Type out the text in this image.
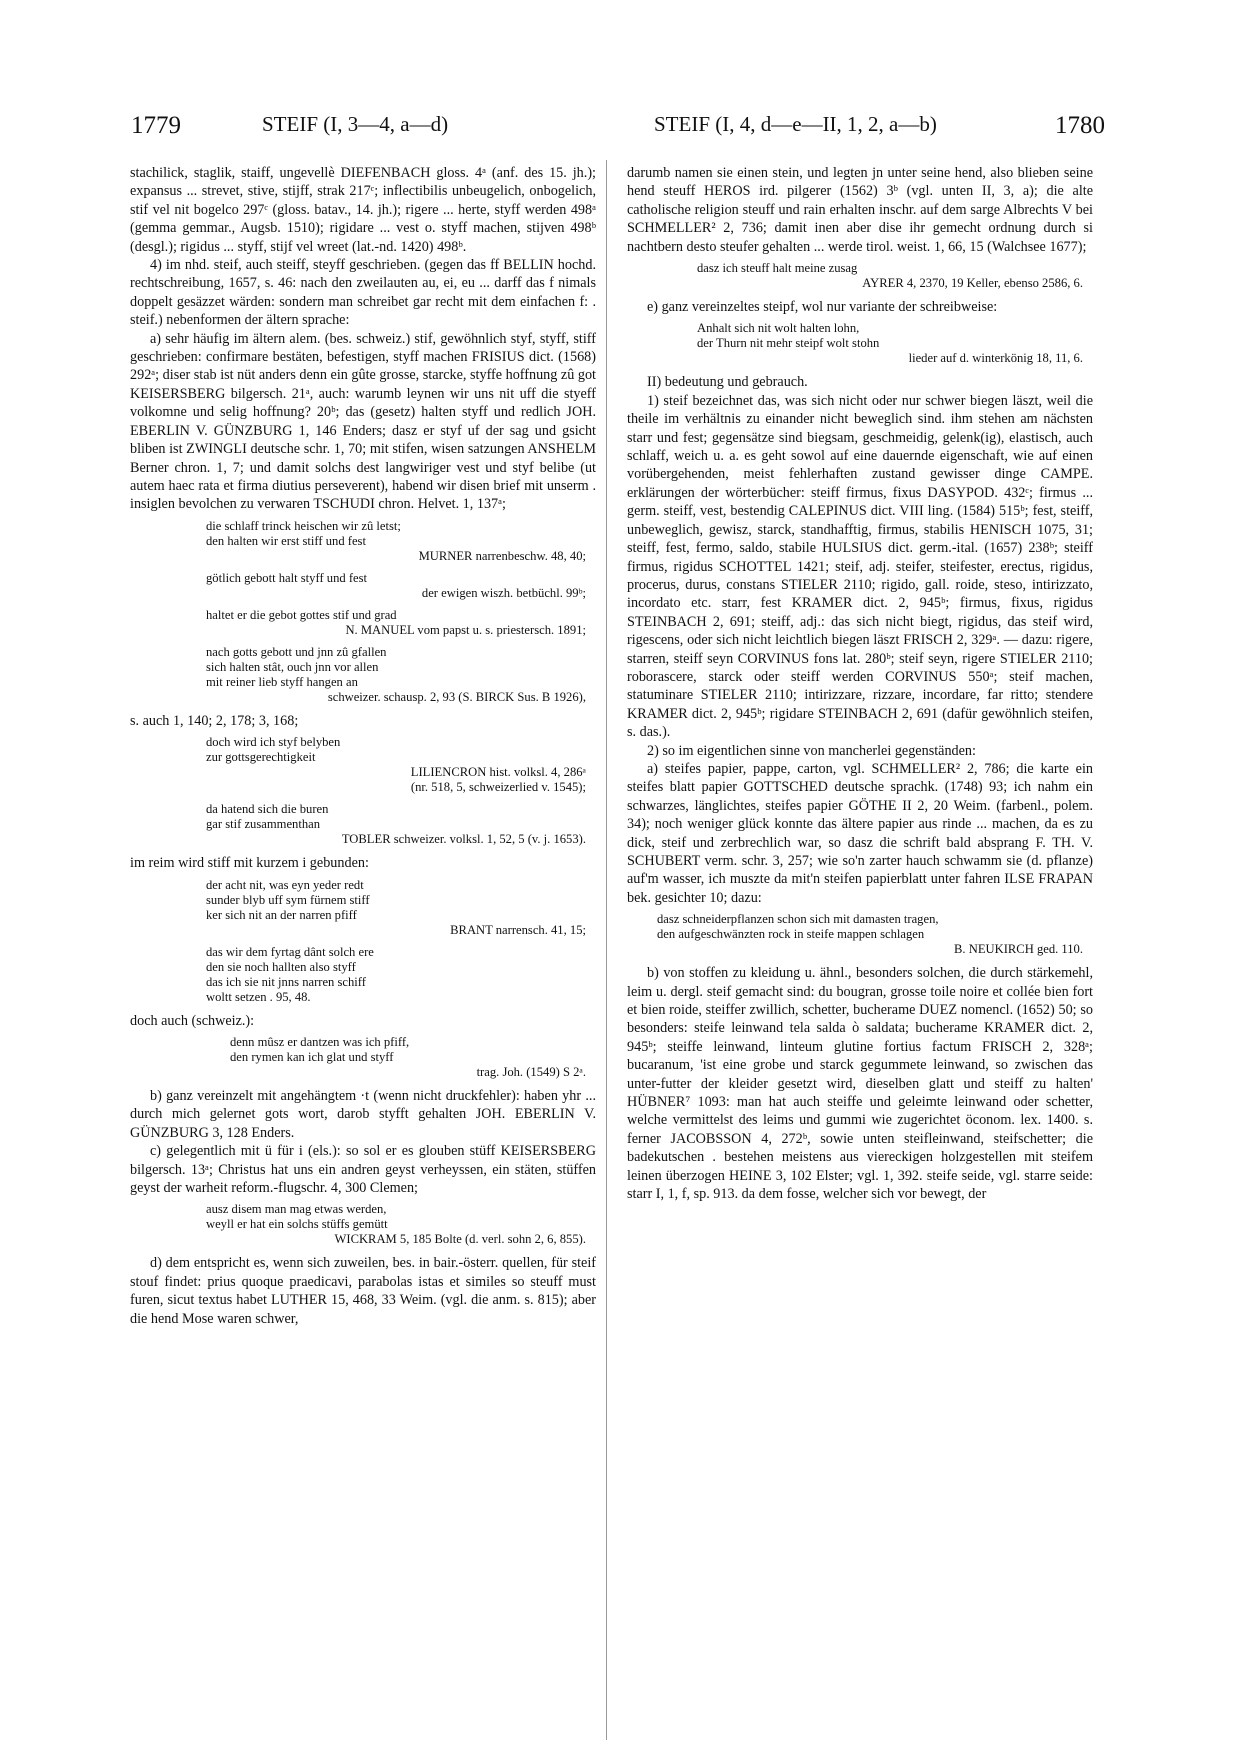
1779	STEIF (I, 3—4, a—d)	STEIF (I, 4, d—e—II, 1, 2, a—b)	1780

stachilick, staglik, staiff, ungevellè DIEFENBACH gloss. 4ᵃ (anf. des 15. jh.); expansus ... strevet, stive, stijff, strak 217ᶜ; inflectibilis unbeugelich, onbogelich, stif vel nit bogelco 297ᶜ (gloss. batav., 14. jh.); rigere ... herte, styff werden 498ᵃ (gemma gemmar., Augsb. 1510); rigidare ... vest o. styff machen, stijven 498ᵇ (desgl.); rigidus ... styff, stijf vel wreet (lat.-nd. 1420) 498ᵇ.

4) im nhd. steif, auch steiff, steyff geschrieben. (gegen das ff BELLIN hochd. rechtschreibung, 1657, s. 46: nach den zweilauten au, ei, eu ... darff das f nimals doppelt gesäzzet wärden: sondern man schreibet gar recht mit dem einfachen f: . steif.) nebenformen der ältern sprache:

a) sehr häufig im ältern alem. (bes. schweiz.) stif, gewöhnlich styf, styff, stiff geschrieben: confirmare bestäten, befestigen, styff machen FRISIUS dict. (1568) 292ᵃ; diser stab ist nüt anders denn ein gûte grosse, starcke, styffe hoffnung zû got KEISERSBERG bilgersch. 21ᵃ, auch: warumb leynen wir uns nit uff die styeff volkomne und selig hoffnung? 20ᵇ; das (gesetz) halten styff und redlich JOH. EBERLIN V. GÜNZBURG 1, 146 Enders; dasz er styf uf der sag und gsicht bliben ist ZWINGLI deutsche schr. 1, 70; mit stifen, wisen satzungen ANSHELM Berner chron. 1, 7; und damit solchs dest langwiriger vest und styf belibe (ut autem haec rata et firma diutius perseverent), habend wir disen brief mit unserm . insiglen bevolchen zu verwaren TSCHUDI chron. Helvet. 1, 137ᵃ;

die schlaff trinck heischen wir zû letst;
den halten wir erst stiff und fest
MURNER narrenbeschw. 48, 40;
götlich gebott halt styff und fest
der ewigen wiszh. betbüchl. 99ᵇ;
haltet er die gebot gottes stif und grad
N. MANUEL vom papst u. s. priestersch. 1891;
nach gotts gebott und jnn zû gfallen
sich halten stât, ouch jnn vor allen
mit reiner lieb styff hangen an
schweizer. schausp. 2, 93 (S. BIRCK Sus. B 1926),

s. auch 1, 140; 2, 178; 3, 168;

doch wird ich styf belyben
zur gottsgerechtigkeit
LILIENCRON hist. volksl. 4, 286ᵃ
(nr. 518, 5, schweizerlied v. 1545);
da hatend sich die buren
gar stif zusammenthan
TOBLER schweizer. volksl. 1, 52, 5 (v. j. 1653).

im reim wird stiff mit kurzem i gebunden:

der acht nit, was eyn yeder redt
sunder blyb uff sym fürnem stiff
ker sich nit an der narren pfiff
BRANT narrensch. 41, 15;
das wir dem fyrtag dânt solch ere
den sie noch hallten also styff
das ich sie nit jnns narren schiff
woltt setzen . 95, 48.

doch auch (schweiz.):

denn mûsz er dantzen was ich pfiff,
den rymen kan ich glat und styff
trag. Joh. (1549) S 2ᵃ.

b) ganz vereinzelt mit angehängtem ·t (wenn nicht druckfehler): haben yhr ... durch mich gelernet gots wort, darob styfft gehalten JOH. EBERLIN V. GÜNZBURG 3, 128 Enders.

c) gelegentlich mit ü für i (els.): so sol er es glouben stüff KEISERSBERG bilgersch. 13ᵃ; Christus hat uns ein andren geyst verheyssen, ein stäten, stüffen geyst der warheit reform.-flugschr. 4, 300 Clemen;

ausz disem man mag etwas werden,
weyll er hat ein solchs stüffs gemütt
WICKRAM 5, 185 Bolte (d. verl. sohn 2, 6, 855).

d) dem entspricht es, wenn sich zuweilen, bes. in bair.-österr. quellen, für steif stouf findet: prius quoque praedicavi, parabolas istas et similes so steuff must furen, sicut textus habet LUTHER 15, 468, 33 Weim. (vgl. die anm. s. 815); aber die hend Mose waren schwer,

darumb namen sie einen stein, und legten jn unter seine hend, also blieben seine hend steuff HEROS ird. pilgerer (1562) 3ᵇ (vgl. unten II, 3, a); die alte catholische religion steuff und rain erhalten inschr. auf dem sarge Albrechts V bei SCHMELLER² 2, 736; damit inen aber dise ihr gemecht ordnung durch si nachtbern desto steufer gehalten ... werde tirol. weist. 1, 66, 15 (Walchsee 1677);

dasz ich steuff halt meine zusag
AYRER 4, 2370, 19 Keller, ebenso 2586, 6.

e) ganz vereinzeltes steipf, wol nur variante der schreibweise:

Anhalt sich nit wolt halten lohn,
der Thurn nit mehr steipf wolt stohn
lieder auf d. winterkönig 18, 11, 6.

II) bedeutung und gebrauch.

1) steif bezeichnet das, was sich nicht oder nur schwer biegen läszt, weil die theile im verhältnis zu einander nicht beweglich sind. ihm stehen am nächsten starr und fest; gegensätze sind biegsam, geschmeidig, gelenk(ig), elastisch, auch schlaff, weich u. a. es geht sowol auf eine dauernde eigenschaft, wie auf einen vorübergehenden, meist fehlerhaften zustand gewisser dinge CAMPE. erklärungen der wörterbücher: steiff firmus, fixus DASYPOD. 432ᶜ; firmus ... germ. steiff, vest, bestendig CALEPINUS dict. VIII ling. (1584) 515ᵇ; fest, steiff, unbeweglich, gewisz, starck, standhafftig, firmus, stabilis HENISCH 1075, 31; steiff, fest, fermo, saldo, stabile HULSIUS dict. germ.-ital. (1657) 238ᵇ; steiff firmus, rigidus SCHOTTEL 1421; steif, adj. steifer, steifester, erectus, rigidus, procerus, durus, constans STIELER 2110; rigido, gall. roide, steso, intirizzato, incordato etc. starr, fest KRAMER dict. 2, 945ᵇ; firmus, fixus, rigidus STEINBACH 2, 691; steiff, adj.: das sich nicht biegt, rigidus, das steif wird, rigescens, oder sich nicht leichtlich biegen läszt FRISCH 2, 329ᵃ. — dazu: rigere, starren, steiff seyn CORVINUS fons lat. 280ᵇ; steif seyn, rigere STIELER 2110; roborascere, starck oder steiff werden CORVINUS 550ᵃ; steif machen, statuminare STIELER 2110; intirizzare, rizzare, incordare, far ritto; stendere KRAMER dict. 2, 945ᵇ; rigidare STEINBACH 2, 691 (dafür gewöhnlich steifen, s. das.).

2) so im eigentlichen sinne von mancherlei gegenständen:

a) steifes papier, pappe, carton, vgl. SCHMELLER² 2, 786; die karte ein steifes blatt papier GOTTSCHED deutsche sprachk. (1748) 93; ich nahm ein schwarzes, länglichtes, steifes papier GÖTHE II 2, 20 Weim. (farbenl., polem. 34); noch weniger glück konnte das ältere papier aus rinde ... machen, da es zu dick, steif und zerbrechlich war, so dasz die schrift bald absprang F. TH. V. SCHUBERT verm. schr. 3, 257; wie so'n zarter hauch schwamm sie (d. pflanze) auf'm wasser, ich muszte da mit'n steifen papierblatt unter fahren ILSE FRAPAN bek. gesichter 10; dazu:

dasz schneiderpflanzen schon sich mit damasten tragen,
den aufgeschwänzten rock in steife mappen schlagen
B. NEUKIRCH ged. 110.

b) von stoffen zu kleidung u. ähnl., besonders solchen, die durch stärkemehl, leim u. dergl. steif gemacht sind: du bougran, grosse toile noire et collée bien fort et bien roide, steiffer zwillich, schetter, bucherame DUEZ nomencl. (1652) 50; so besonders: steife leinwand tela salda ò saldata; bucherame KRAMER dict. 2, 945ᵇ; steiffe leinwand, linteum glutine fortius factum FRISCH 2, 328ᵃ; bucaranum, 'ist eine grobe und starck gegummete leinwand, so zwischen das unter-futter der kleider gesetzt wird, dieselben glatt und steiff zu halten' HÜBNER⁷ 1093: man hat auch steiffe und geleimte leinwand oder schetter, welche vermittelst des leims und gummi wie zugerichtet öconom. lex. 1400. s. ferner JACOBSSON 4, 272ᵇ, sowie unten steifleinwand, steifschetter; die badekutschen . bestehen meistens aus viereckigen holzgestellen mit steifem leinen überzogen HEINE 3, 102 Elster; vgl. 1, 392. steife seide, vgl. starre seide: starr I, 1, f, sp. 913. da dem fosse, welcher sich vor bewegt, der
